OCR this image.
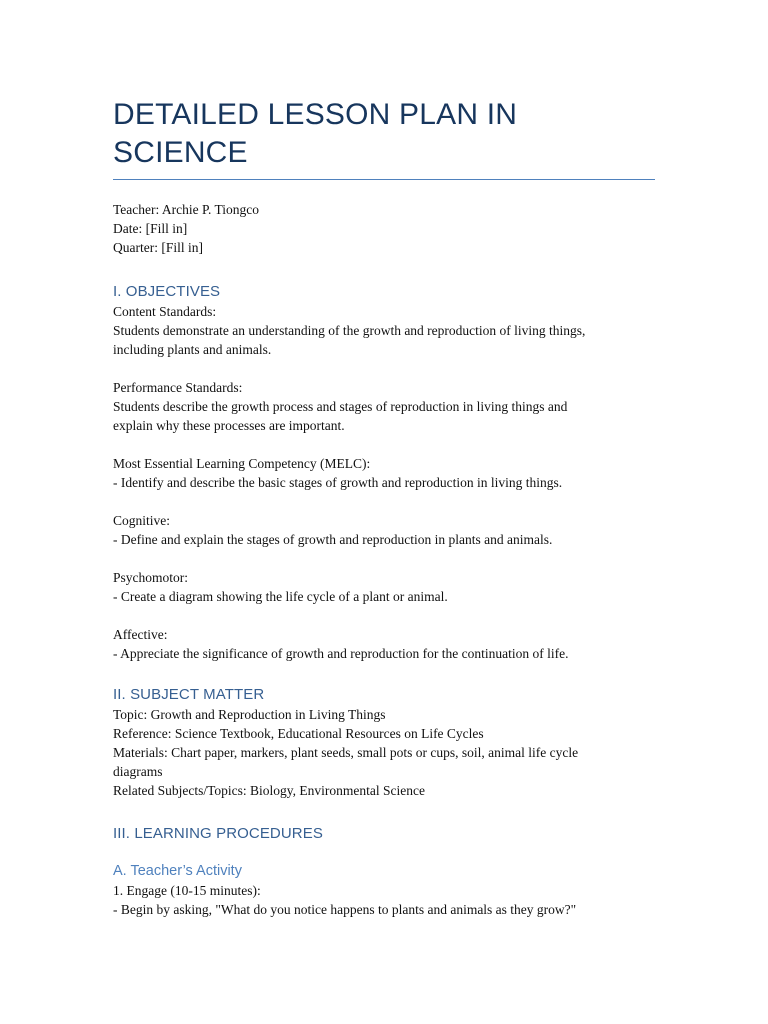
DETAILED LESSON PLAN IN SCIENCE

Teacher: Archie P. Tiongco

Date: [Fill in]

Quarter: [Fill in]

I. OBJECTIVES

Content Standards:

Students demonstrate an understanding of the growth and reproduction of living things,

including plants and animals.

Performance Standards:

Students describe the growth process and stages of reproduction in living things and

explain why these processes are important.

Most Essential Learning Competency (MELC):

- Identify and describe the basic stages of growth and reproduction in living things.

Cognitive:

- Define and explain the stages of growth and reproduction in plants and animals.

Psychomotor:

- Create a diagram showing the life cycle of a plant or animal.

Affective:

- Appreciate the significance of growth and reproduction for the continuation of life.

II. SUBJECT MATTER

Topic: Growth and Reproduction in Living Things

Reference: Science Textbook, Educational Resources on Life Cycles

Materials: Chart paper, markers, plant seeds, small pots or cups, soil, animal life cycle

diagrams

Related Subjects/Topics: Biology, Environmental Science

III. LEARNING PROCEDURES
A. Teacher’s Activity

1. Engage (10-15 minutes):

- Begin by asking, "What do you notice happens to plants and animals as they grow?"
